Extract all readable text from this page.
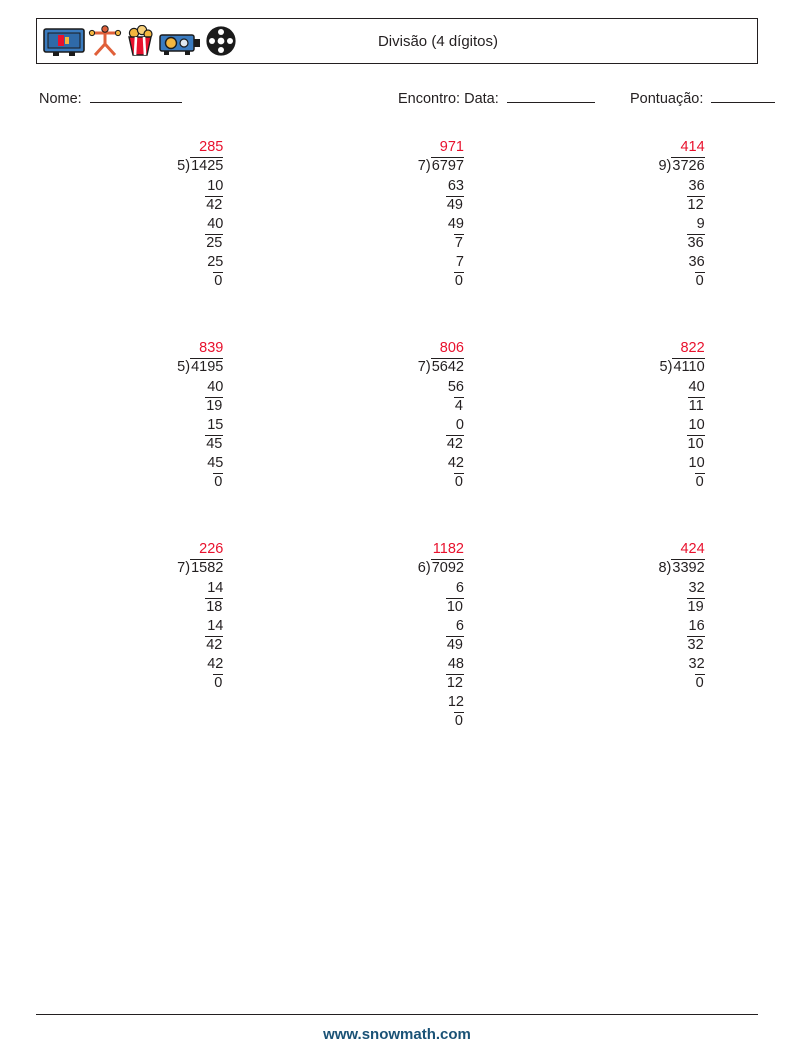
Divisão (4 dígitos)
Nome:	Encontro: Data:	Pontuação:
285
5)1425
10
42
40
25
25
0
971
7)6797
63
49
49
7
7
0
414
9)3726
36
12
9
36
36
0
839
5)4195
40
19
15
45
45
0
806
7)5642
56
4
0
42
42
0
822
5)4110
40
11
10
10
10
0
226
7)1582
14
18
14
42
42
0
1182
6)7092
6
10
6
49
48
12
12
0
424
8)3392
32
19
16
32
32
0
www.snowmath.com
